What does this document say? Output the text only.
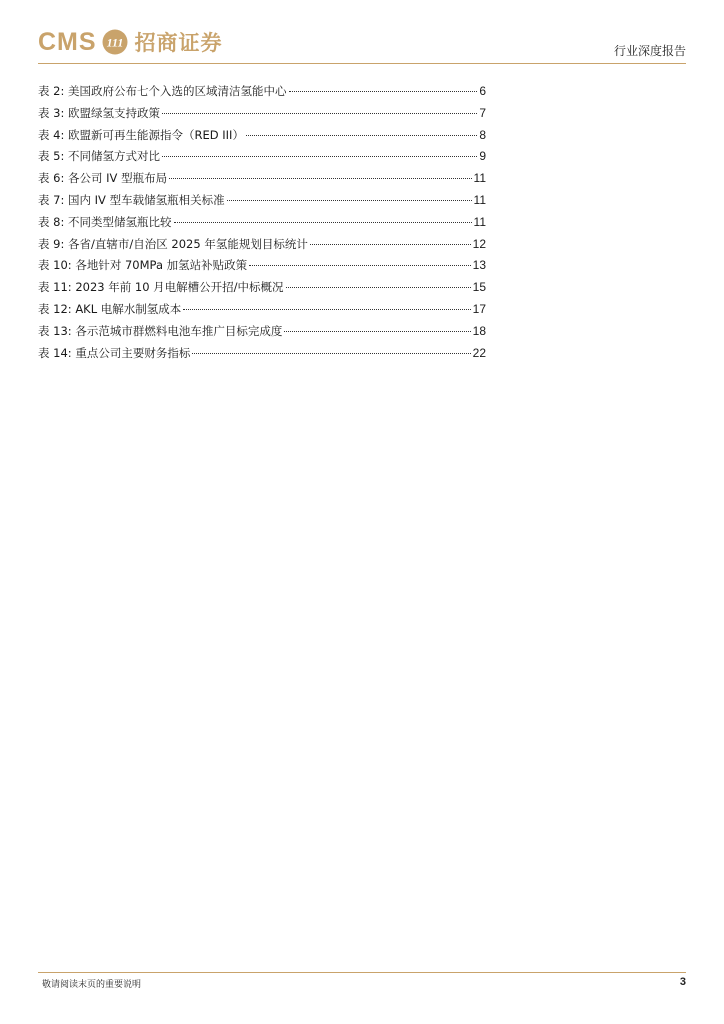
CMS 111 招商证券	行业深度报告
表 2: 美国政府公布七个入选的区域清洁氢能中心	6
表 3: 欧盟绿氢支持政策	7
表 4: 欧盟新可再生能源指令（RED III）	8
表 5: 不同储氢方式对比	9
表 6: 各公司 IV 型瓶布局	11
表 7: 国内 IV 型车载储氢瓶相关标准	11
表 8: 不同类型储氢瓶比较	11
表 9: 各省/直辖市/自治区 2025 年氢能规划目标统计	12
表 10: 各地针对 70MPa 加氢站补贴政策	13
表 11: 2023 年前 10 月电解槽公开招/中标概况	15
表 12: AKL 电解水制氢成本	17
表 13: 各示范城市群燃料电池车推广目标完成度	18
表 14: 重点公司主要财务指标	22
敬请阅读末页的重要说明	3
